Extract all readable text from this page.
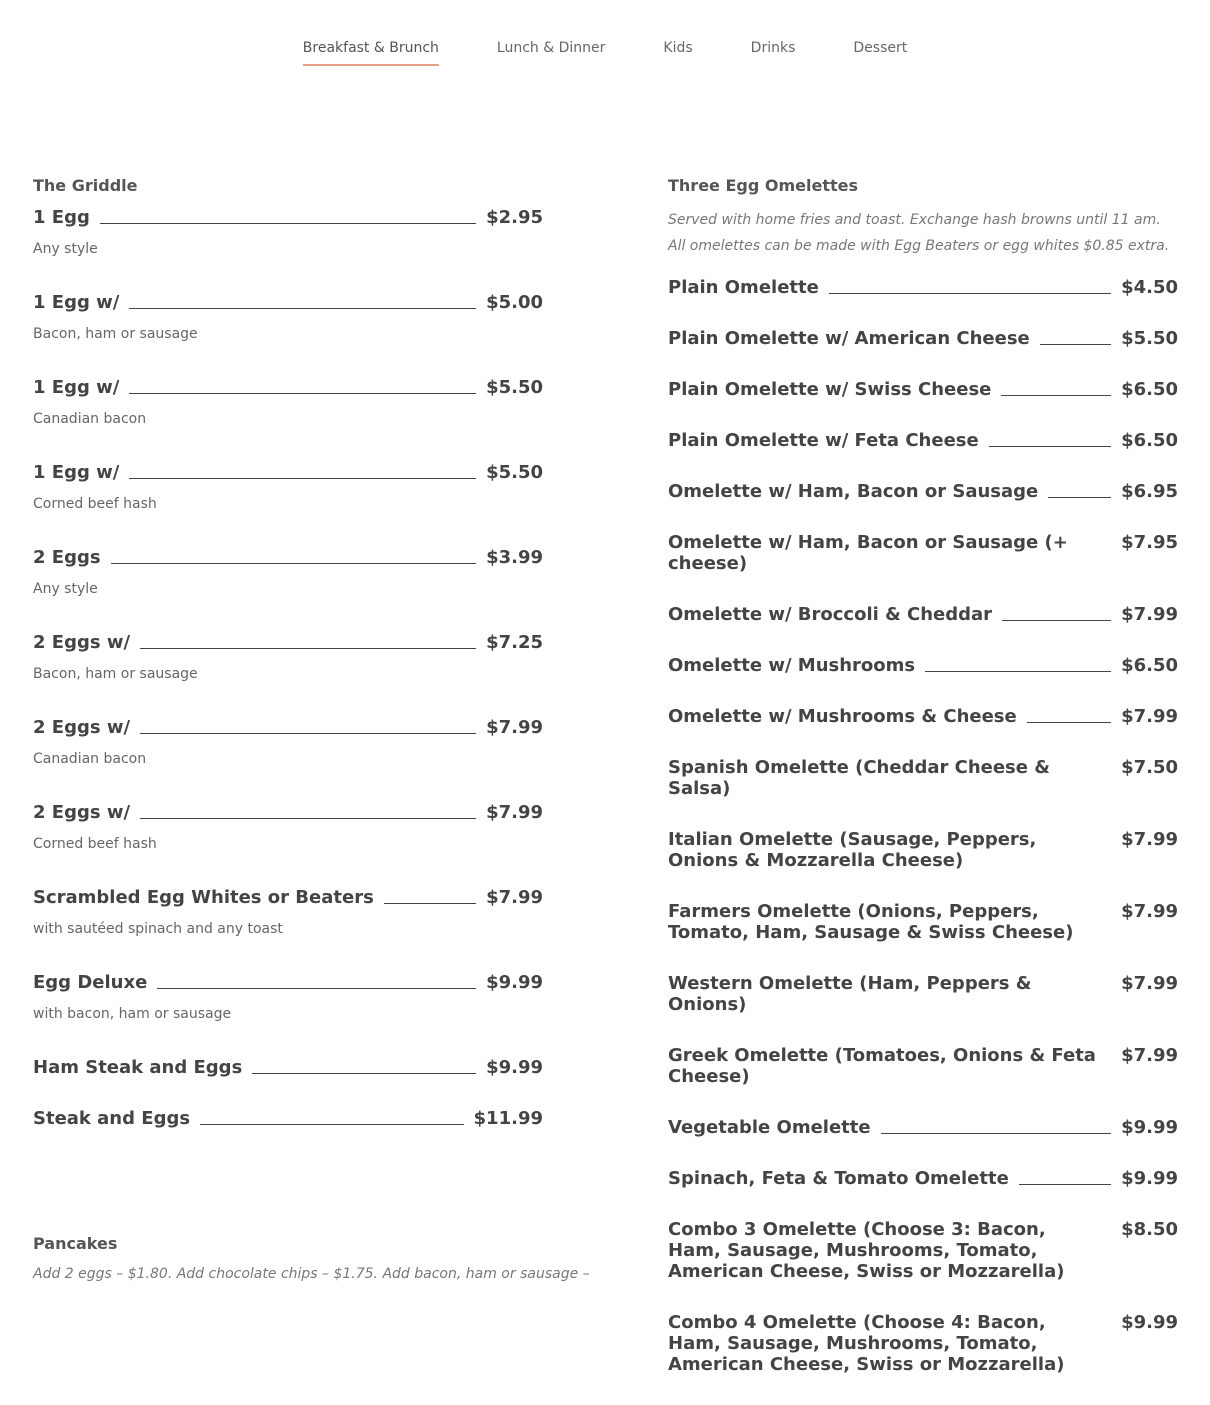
Breakfast & Brunch	Lunch & Dinner	Kids	Drinks	Dessert
The Griddle
1 Egg	$2.95
Any style
1 Egg w/	$5.00
Bacon, ham or sausage
1 Egg w/	$5.50
Canadian bacon
1 Egg w/	$5.50
Corned beef hash
2 Eggs	$3.99
Any style
2 Eggs w/	$7.25
Bacon, ham or sausage
2 Eggs w/	$7.99
Canadian bacon
2 Eggs w/	$7.99
Corned beef hash
Scrambled Egg Whites or Beaters	$7.99
with sautéed spinach and any toast
Egg Deluxe	$9.99
with bacon, ham or sausage
Ham Steak and Eggs	$9.99
Steak and Eggs	$11.99
Pancakes
Add 2 eggs – $1.80. Add chocolate chips – $1.75. Add bacon, ham or sausage –
Three Egg Omelettes
Served with home fries and toast. Exchange hash browns until 11 am. All omelettes can be made with Egg Beaters or egg whites $0.85 extra.
Plain Omelette	$4.50
Plain Omelette w/ American Cheese	$5.50
Plain Omelette w/ Swiss Cheese	$6.50
Plain Omelette w/ Feta Cheese	$6.50
Omelette w/ Ham, Bacon or Sausage	$6.95
Omelette w/ Ham, Bacon or Sausage (+ cheese)
$7.95
Omelette w/ Broccoli & Cheddar	$7.99
Omelette w/ Mushrooms	$6.50
Omelette w/ Mushrooms & Cheese	$7.99
Spanish Omelette (Cheddar Cheese & Salsa)
$7.50
Italian Omelette (Sausage, Peppers, Onions & Mozzarella Cheese)
$7.99
Farmers Omelette (Onions, Peppers, Tomato, Ham, Sausage & Swiss Cheese)
$7.99
Western Omelette (Ham, Peppers & Onions)
$7.99
Greek Omelette (Tomatoes, Onions & Feta Cheese)
$7.99
Vegetable Omelette	$9.99
Spinach, Feta & Tomato Omelette	$9.99
Combo 3 Omelette (Choose 3: Bacon, Ham, Sausage, Mushrooms, Tomato, American Cheese, Swiss or Mozzarella)
$8.50
Combo 4 Omelette (Choose 4: Bacon, Ham, Sausage, Mushrooms, Tomato, American Cheese, Swiss or Mozzarella)
$9.99
